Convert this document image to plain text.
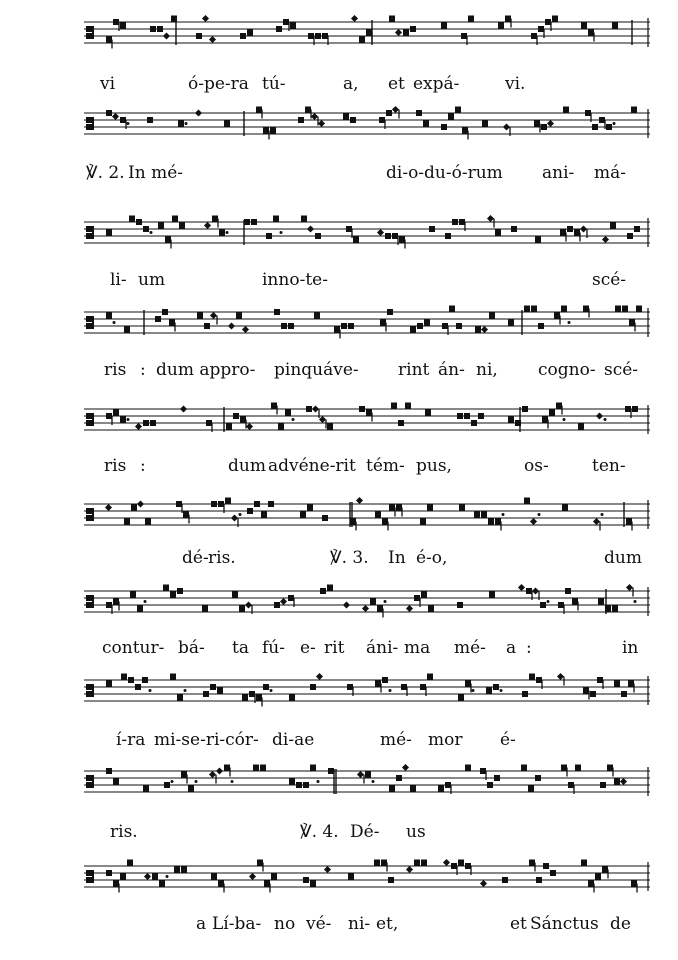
vi	ó-pe-ra tú-	a, et expá-	vi.
℣. 2. In mé-	di-o-du-ó-rum ani- má-
li- um	inno-te-	scé-
ris : dum appro- pinquáve- rint án- ni, cogno- scé-
ris :	dum advéne-rit tém- pus,	os-	ten-
dé- ris.	℣. 3. In é-o,	dum
contur- bá- ta fú- e- rit áni- ma mé- a :	in
í-ra mi-se-ri-cór- di-ae	mé- mor é-
ris.	℣. 4. Dé- us
a Lí-ba- no vé- ni- et,	et Sánctus de
